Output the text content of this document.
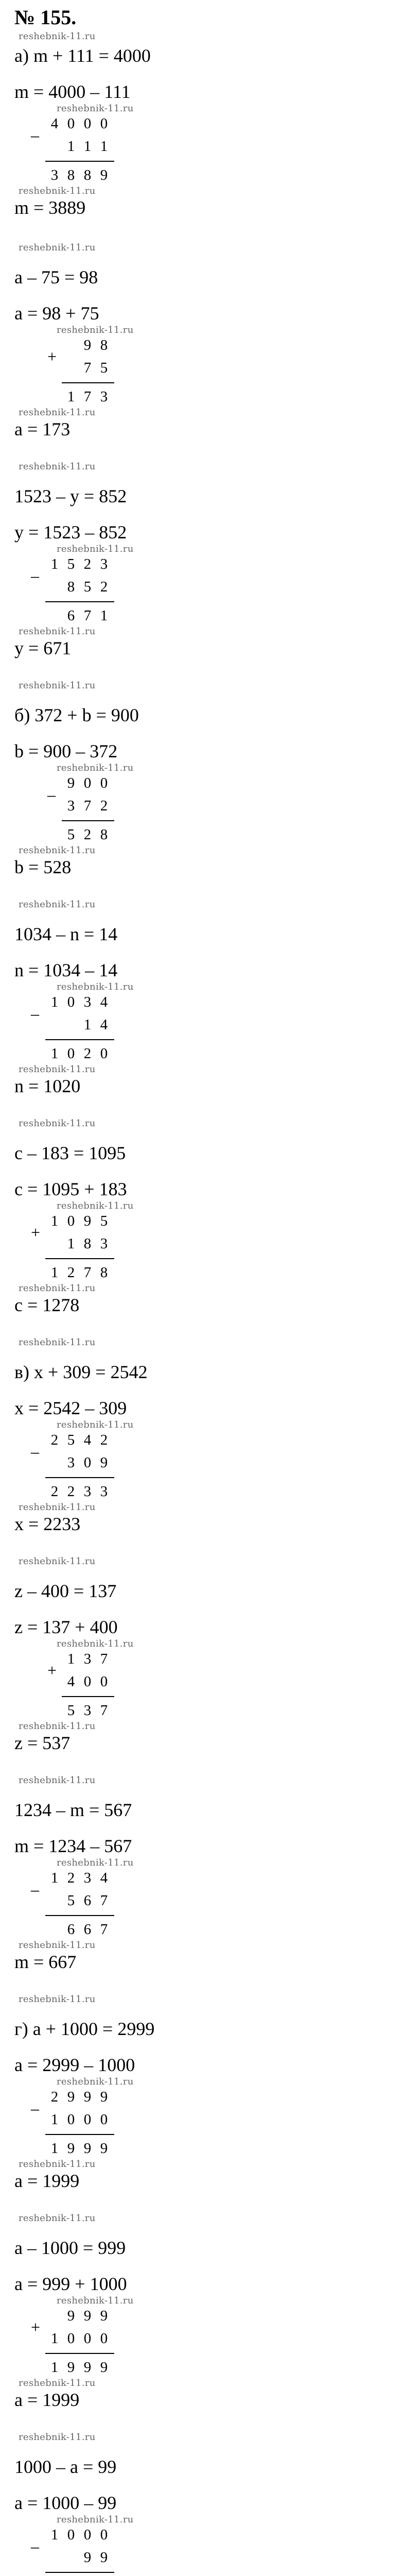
№ 155.
reshebnik-11.ru
reshebnik-11.ru
reshebnik-11.ru
reshebnik-11.ru
reshebnik-11.ru
reshebnik-11.ru
reshebnik-11.ru
reshebnik-11.ru
reshebnik-11.ru
reshebnik-11.ru
reshebnik-11.ru
reshebnik-11.ru
reshebnik-11.ru
reshebnik-11.ru
reshebnik-11.ru
reshebnik-11.ru
reshebnik-11.ru
reshebnik-11.ru
reshebnik-11.ru
reshebnik-11.ru
reshebnik-11.ru
reshebnik-11.ru
reshebnik-11.ru
reshebnik-11.ru
reshebnik-11.ru
reshebnik-11.ru
reshebnik-11.ru
reshebnik-11.ru
reshebnik-11.ru
reshebnik-11.ru
reshebnik-11.ru
reshebnik-11.ru
reshebnik-11.ru
reshebnik-11.ru
reshebnik-11.ru
а) m + 111 = 4000
m = 4000 – 111
4 0 0 0
1 1 1
3 8 8 9
–
m = 3889
a – 75 = 98
a = 98 + 75
9 8
7 5
1 7 3
+
a = 173
1523 – y = 852
y = 1523 – 852
1 5 2 3
8 5 2
6 7 1
–
y = 671
б) 372 + b = 900
b = 900 – 372
9 0 0
3 7 2
5 2 8
–
b = 528
1034 – n = 14
n = 1034 – 14
1 0 3 4
1 4
1 0 2 0
–
n = 1020
c – 183 = 1095
c = 1095 + 183
1 0 9 5
1 8 3
1 2 7 8
+
c = 1278
в) x + 309 = 2542
x = 2542 – 309
2 5 4 2
3 0 9
2 2 3 3
–
x = 2233
z – 400 = 137
z = 137 + 400
1 3 7
4 0 0
5 3 7
+
z = 537
1234 – m = 567
m = 1234 – 567
1 2 3 4
5 6 7
6 6 7
–
m = 667
г) a + 1000 = 2999
a = 2999 – 1000
2 9 9 9
1 0 0 0
1 9 9 9
–
a = 1999
a – 1000 = 999
a = 999 + 1000
9 9 9
1 0 0 0
1 9 9 9
+
a = 1999
1000 – a = 99
a = 1000 – 99
1 0 0 0
9 9
–
